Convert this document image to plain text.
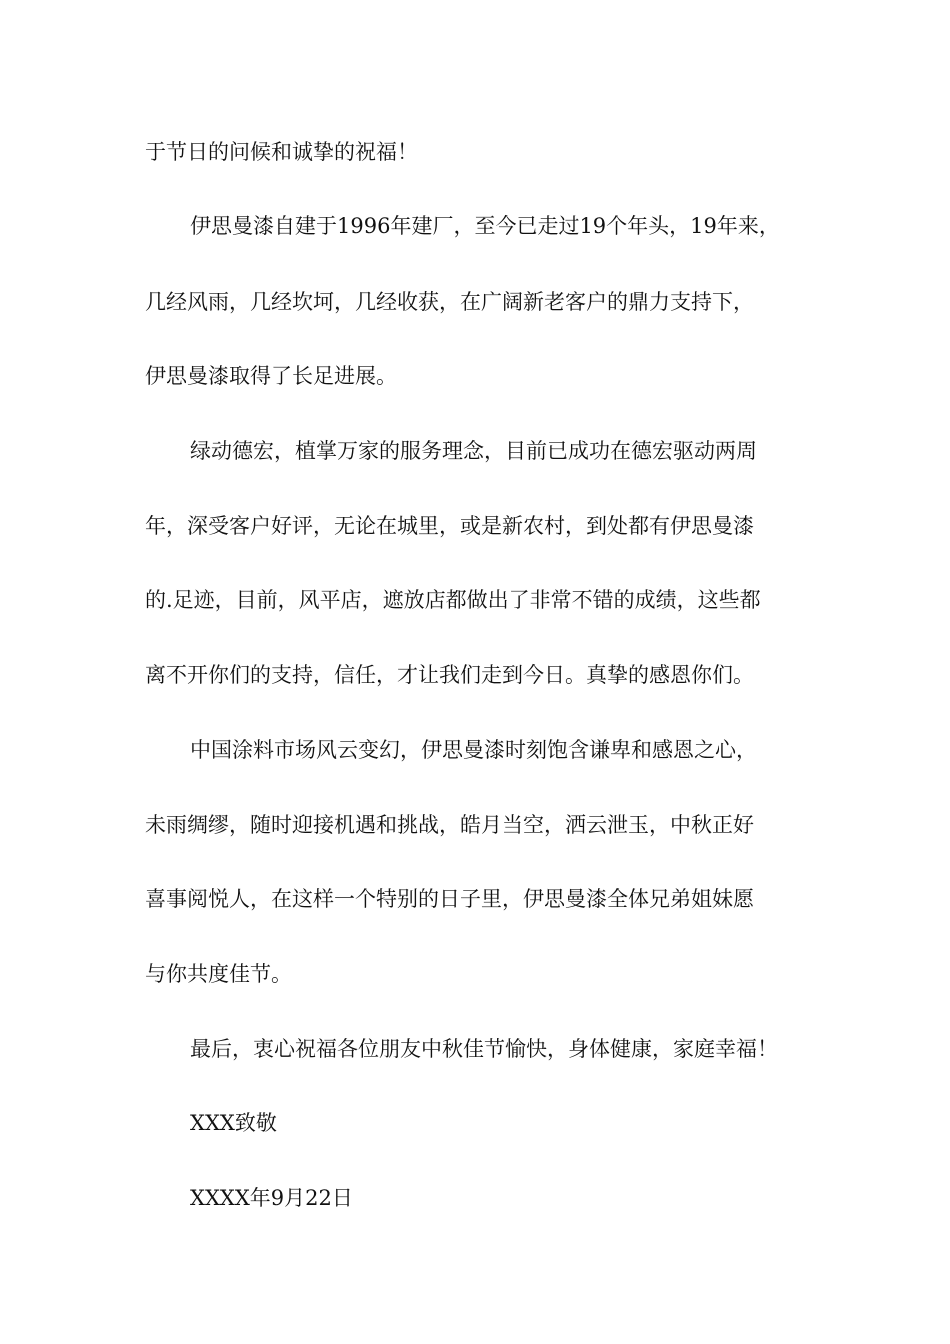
于节日的问候和诚挚的祝福！
伊思曼漆自建于1996年建厂，至今已走过19个年头，19年来，
几经风雨，几经坎坷，几经收获，在广阔新老客户的鼎力支持下，
伊思曼漆取得了长足进展。
绿动德宏，植掌万家的服务理念，目前已成功在德宏驱动两周
年，深受客户好评，无论在城里，或是新农村，到处都有伊思曼漆
的.足迹，目前，风平店，遮放店都做出了非常不错的成绩，这些都
离不开你们的支持，信任，才让我们走到今日。真挚的感恩你们。
中国涂料市场风云变幻，伊思曼漆时刻饱含谦卑和感恩之心，
未雨绸缪，随时迎接机遇和挑战，皓月当空，洒云泄玉，中秋正好
喜事阅悦人，在这样一个特别的日子里，伊思曼漆全体兄弟姐妹愿
与你共度佳节。
最后，衷心祝福各位朋友中秋佳节愉快，身体健康，家庭幸福！
XXX致敬
XXXX年9月22日
